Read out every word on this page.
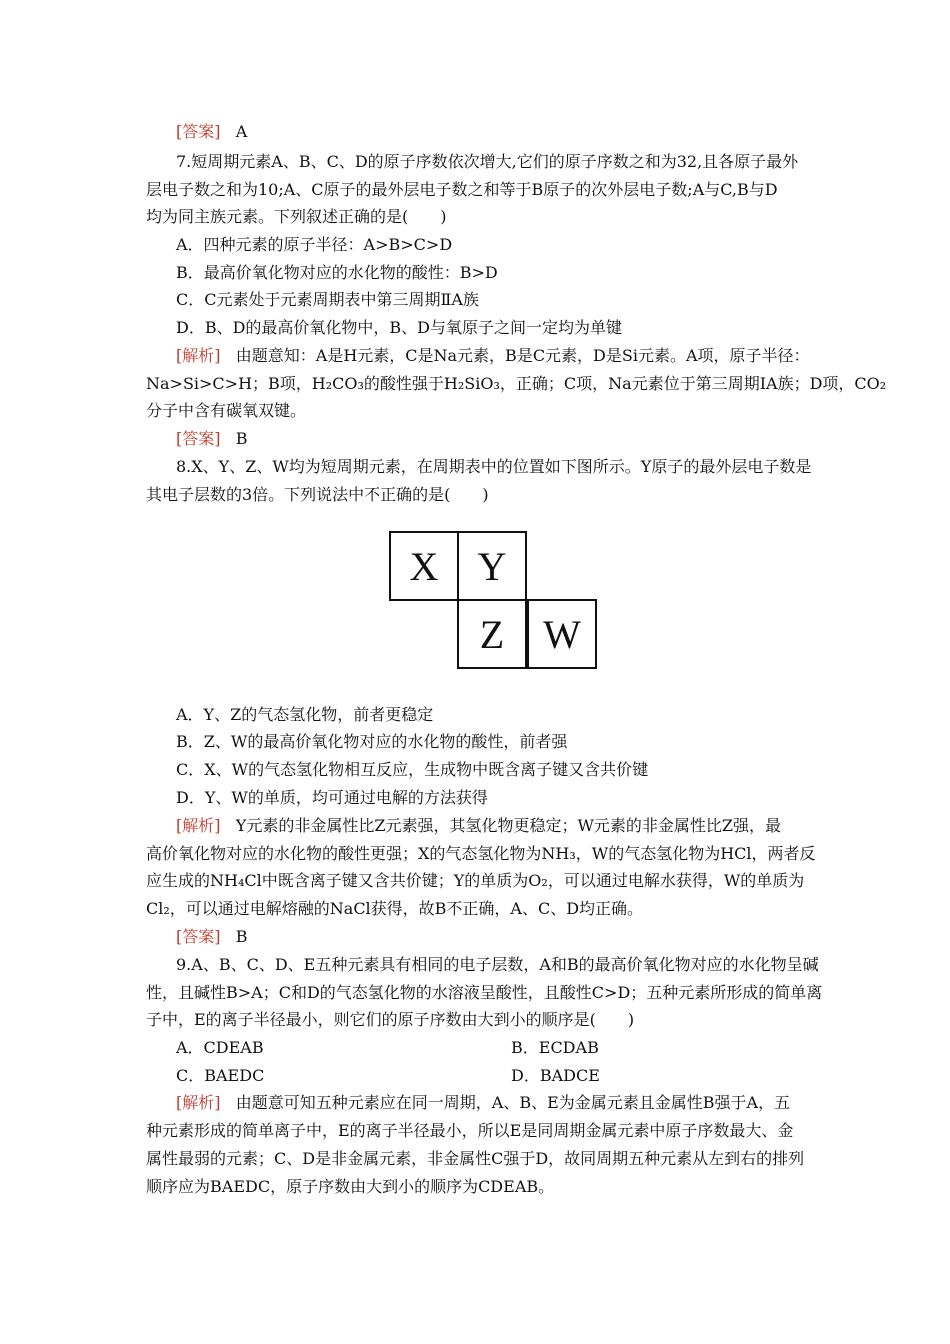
[答案] A
7.短周期元素A、B、C、D的原子序数依次增大,它们的原子序数之和为32,且各原子最外
层电子数之和为10;A、C原子的最外层电子数之和等于B原子的次外层电子数;A与C,B与D
均为同主族元素。下列叙述正确的是(　　)
A．四种元素的原子半径：A>B>C>D
B．最高价氧化物对应的水化物的酸性：B>D
C．C元素处于元素周期表中第三周期ⅡA族
D．B、D的最高价氧化物中，B、D与氧原子之间一定均为单键
[解析] 由题意知：A是H元素，C是Na元素，B是C元素，D是Si元素。A项，原子半径：
Na>Si>C>H；B项，H₂CO₃的酸性强于H₂SiO₃，正确；C项，Na元素位于第三周期ⅠA族；D项，CO₂
分子中含有碳氧双键。
[答案] B
8.X、Y、Z、W均为短周期元素，在周期表中的位置如下图所示。Y原子的最外层电子数是
其电子层数的3倍。下列说法中不正确的是(　　)
X Y
Z W
A．Y、Z的气态氢化物，前者更稳定
B．Z、W的最高价氧化物对应的水化物的酸性，前者强
C．X、W的气态氢化物相互反应，生成物中既含离子键又含共价键
D．Y、W的单质，均可通过电解的方法获得
[解析] Y元素的非金属性比Z元素强，其氢化物更稳定；W元素的非金属性比Z强，最
高价氧化物对应的水化物的酸性更强；X的气态氢化物为NH₃，W的气态氢化物为HCl，两者反
应生成的NH₄Cl中既含离子键又含共价键；Y的单质为O₂，可以通过电解水获得，W的单质为
Cl₂，可以通过电解熔融的NaCl获得，故B不正确，A、C、D均正确。
[答案] B
9.A、B、C、D、E五种元素具有相同的电子层数，A和B的最高价氧化物对应的水化物呈碱
性，且碱性B>A；C和D的气态氢化物的水溶液呈酸性，且酸性C>D；五种元素所形成的简单离
子中，E的离子半径最小，则它们的原子序数由大到小的顺序是(　　)
A．CDEAB	B．ECDAB
C．BAEDC	D．BADCE
[解析] 由题意可知五种元素应在同一周期，A、B、E为金属元素且金属性B强于A，五
种元素形成的简单离子中，E的离子半径最小，所以E是同周期金属元素中原子序数最大、金
属性最弱的元素；C、D是非金属元素，非金属性C强于D，故同周期五种元素从左到右的排列
顺序应为BAEDC，原子序数由大到小的顺序为CDEAB。
